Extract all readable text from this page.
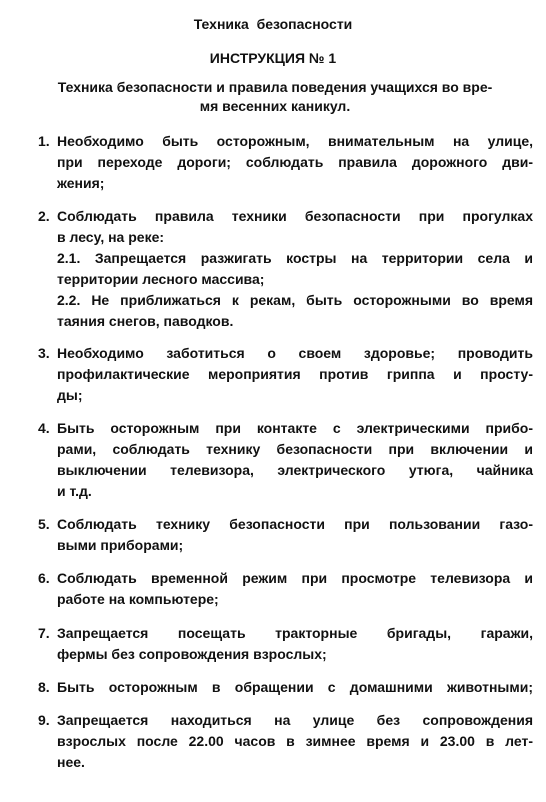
Техника  безопасности
ИНСТРУКЦИЯ № 1
Техника безопасности и правила поведения учащихся во вре-
мя весенних каникул.
1. Необходимо быть осторожным, внимательным на улице,
при переходе дороги; соблюдать правила дорожного дви-
жения;
2. Соблюдать правила техники безопасности при прогулках
в лесу, на реке:
2.1. Запрещается разжигать костры на территории села и
территории лесного массива;
2.2. Не приближаться к рекам, быть осторожными во время
таяния снегов, паводков.
3. Необходимо заботиться о своем здоровье; проводить
профилактические мероприятия против гриппа и просту-
ды;
4. Быть осторожным при контакте с электрическими прибо-
рами, соблюдать технику безопасности при включении и
выключении телевизора, электрического утюга, чайника
и т.д.
5. Соблюдать технику безопасности при пользовании газо-
выми приборами;
6. Соблюдать временной режим при просмотре телевизора и
работе на компьютере;
7. Запрещается посещать тракторные бригады, гаражи,
фермы без сопровождения взрослых;
8. Быть осторожным в обращении с домашними животными;
9. Запрещается находиться на улице без сопровождения
взрослых после 22.00 часов в зимнее время и 23.00 в лет-
нее.
